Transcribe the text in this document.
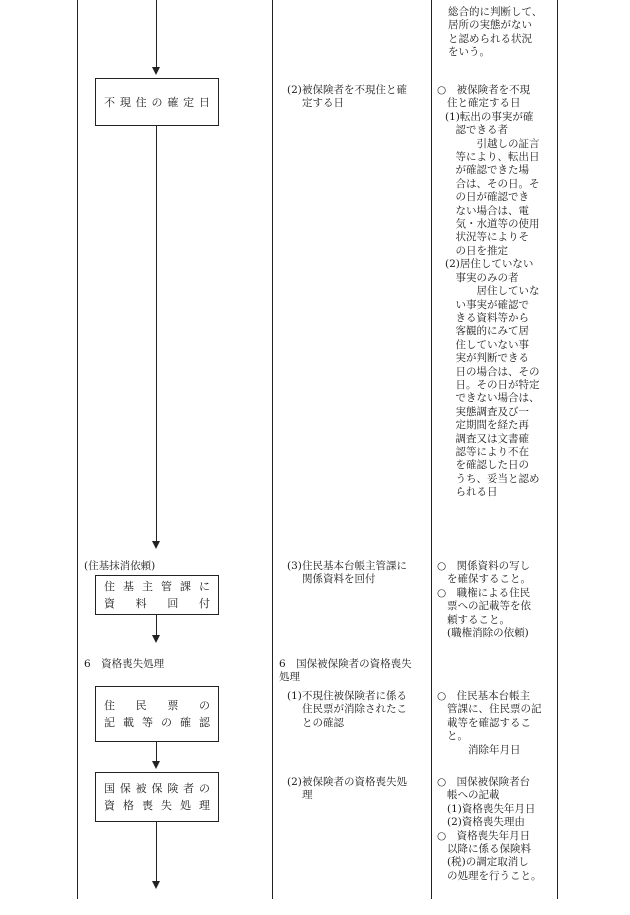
不 現 住 の 確 定 日
(住基抹消依頼)
住 基 主 管 課 に
資 料 回 付
6　資格喪失処理
住 民 票 の
記 載 等 の 確 認
国 保 被 保 険 者 の
資 格 喪 失 処 理
(2) 被保険者を不現住と確
定する日
(3) 住民基本台帳主管課に
関係資料を回付
6　国保被保険者の資格喪失
処理
(1) 不現住被保険者に係る
住民票が消除されたこ
との確認
(2) 被保険者の資格喪失処
理
総合的に判断して、
居所の実態がない
と認められる状況
をいう。
○　被保険者を不現
住と確定する日
(1)転出の事実が確
　認できる者
　　　引越しの証言
　等により、転出日
　が確認できた場
　合は、その日。そ
　の日が確認でき
　ない場合は、電
　気・水道等の使用
　状況等によりそ
　の日を推定
(2)居住していない
　事実のみの者
　　　居住していな
　い事実が確認で
　きる資料等から
　客観的にみて居
　住していない事
　実が判断できる
　日の場合は、その
　日。その日が特定
　できない場合は、
　実態調査及び一
　定期間を経た再
　調査又は文書確
　認等により不在
　を確認した日の
　うち、妥当と認め
　られる日
○　関係資料の写し
を確保すること。
○　職権による住民
票への記載等を依
頼すること。
(職権消除の依頼)
○　住民基本台帳主
管課に、住民票の記
載等を確認するこ
と。
　　消除年月日
○　国保被保険者台
帳への記載
(1)資格喪失年月日
(2)資格喪失理由
○　資格喪失年月日
以降に係る保険料
(税)の調定取消し
の処理を行うこと。
